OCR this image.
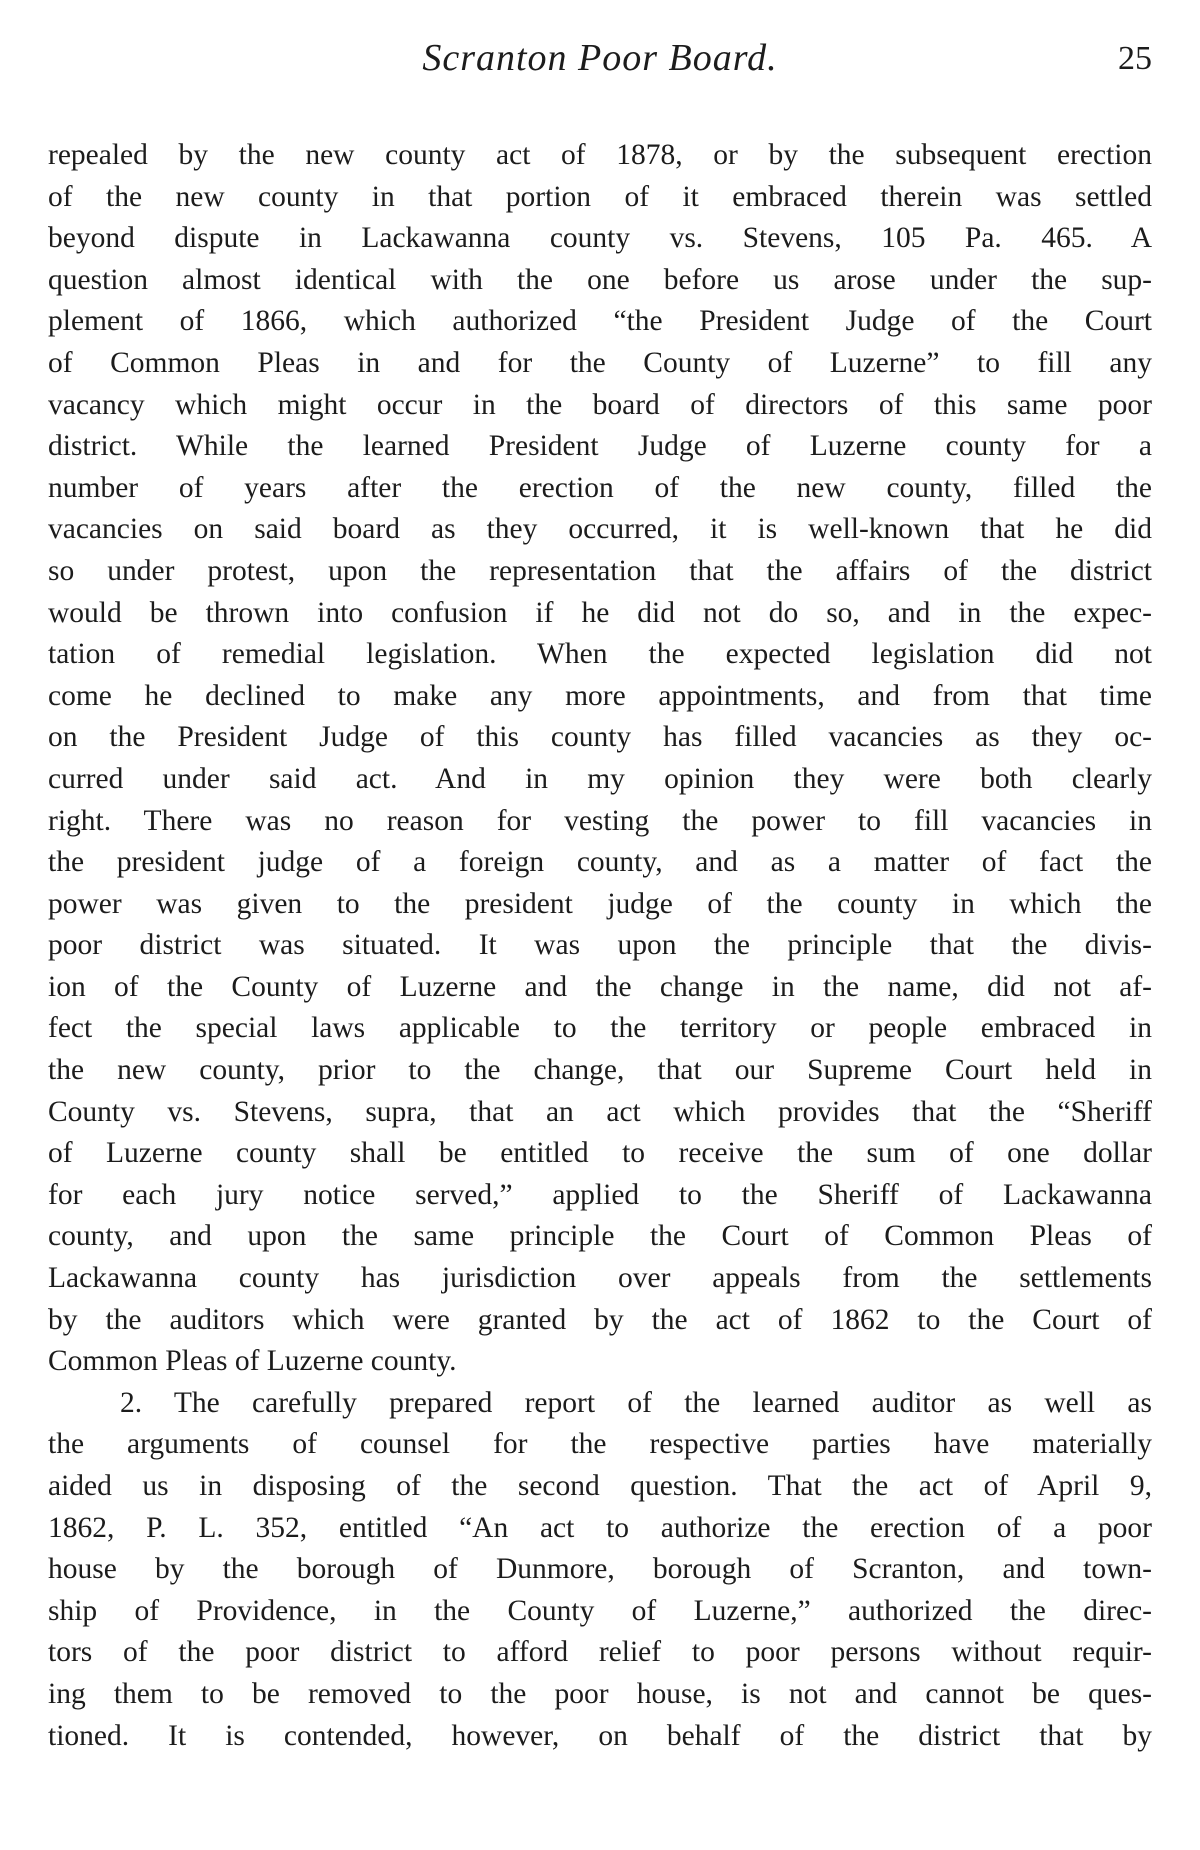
Scranton Poor Board.	25
repealed by the new county act of 1878, or by the subsequent erection
of the new county in that portion of it embraced therein was settled
beyond dispute in Lackawanna county vs. Stevens, 105 Pa. 465. A
question almost identical with the one before us arose under the sup-
plement of 1866, which authorized “the President Judge of the Court
of Common Pleas in and for the County of Luzerne” to fill any
vacancy which might occur in the board of directors of this same poor
district. While the learned President Judge of Luzerne county for a
number of years after the erection of the new county, filled the
vacancies on said board as they occurred, it is well-known that he did
so under protest, upon the representation that the affairs of the district
would be thrown into confusion if he did not do so, and in the expec-
tation of remedial legislation. When the expected legislation did not
come he declined to make any more appointments, and from that time
on the President Judge of this county has filled vacancies as they oc-
curred under said act. And in my opinion they were both clearly
right. There was no reason for vesting the power to fill vacancies in
the president judge of a foreign county, and as a matter of fact the
power was given to the president judge of the county in which the
poor district was situated. It was upon the principle that the divis-
ion of the County of Luzerne and the change in the name, did not af-
fect the special laws applicable to the territory or people embraced in
the new county, prior to the change, that our Supreme Court held in
County vs. Stevens, supra, that an act which provides that the “Sheriff
of Luzerne county shall be entitled to receive the sum of one dollar
for each jury notice served,” applied to the Sheriff of Lackawanna
county, and upon the same principle the Court of Common Pleas of
Lackawanna county has jurisdiction over appeals from the settlements
by the auditors which were granted by the act of 1862 to the Court of
Common Pleas of Luzerne county.
2. The carefully prepared report of the learned auditor as well as
the arguments of counsel for the respective parties have materially
aided us in disposing of the second question. That the act of April 9,
1862, P. L. 352, entitled “An act to authorize the erection of a poor
house by the borough of Dunmore, borough of Scranton, and town-
ship of Providence, in the County of Luzerne,” authorized the direc-
tors of the poor district to afford relief to poor persons without requir-
ing them to be removed to the poor house, is not and cannot be ques-
tioned. It is contended, however, on behalf of the district that by
